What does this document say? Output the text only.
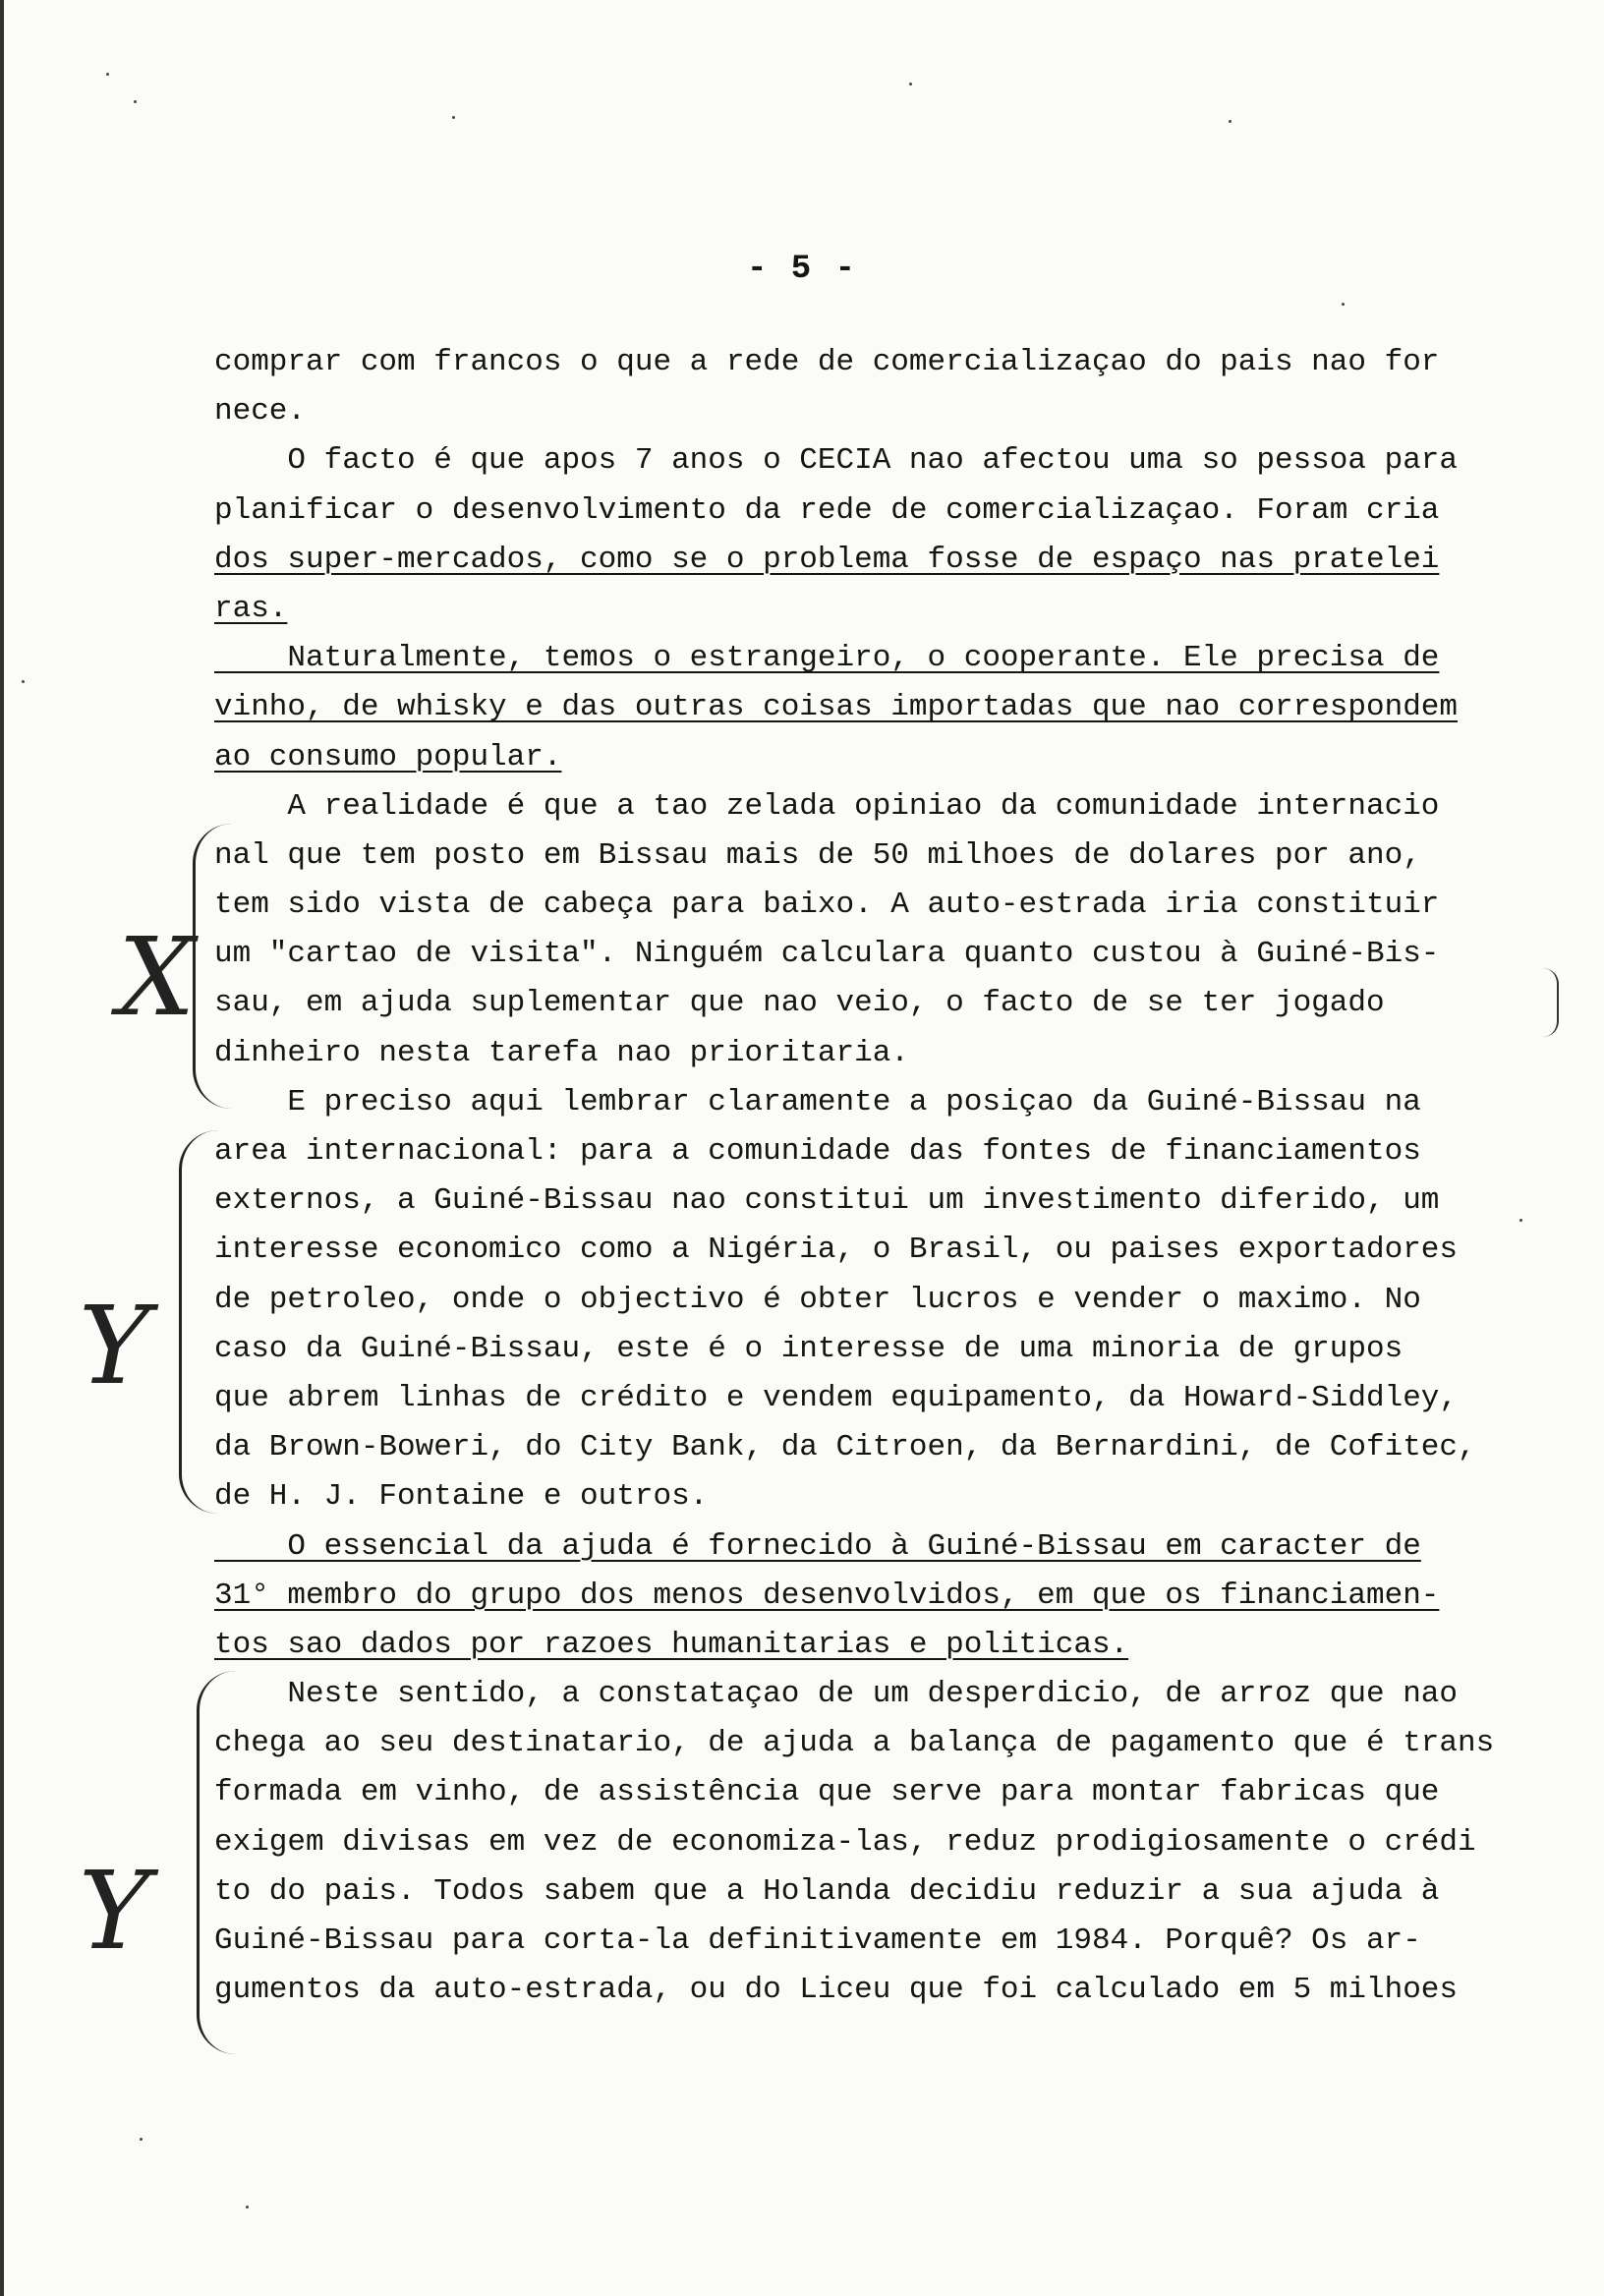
- 5 -
comprar com francos o que a rede de comercializaçao do pais nao for
nece.
O facto é que apos 7 anos o CECIA nao afectou uma so pessoa para
planificar o desenvolvimento da rede de comercializaçao. Foram cria
dos super-mercados, como se o problema fosse de espaço nas pratelei
ras.
Naturalmente, temos o estrangeiro, o cooperante. Ele precisa de
vinho, de whisky e das outras coisas importadas que nao correspondem
ao consumo popular.
A realidade é que a tao zelada opiniao da comunidade internacio
nal que tem posto em Bissau mais de 50 milhoes de dolares por ano,
tem sido vista de cabeça para baixo. A auto-estrada iria constituir
um "cartao de visita". Ninguém calculara quanto custou à Guiné-Bis-
sau, em ajuda suplementar que nao veio, o facto de se ter jogado
dinheiro nesta tarefa nao prioritaria.
E preciso aqui lembrar claramente a posiçao da Guiné-Bissau na
area internacional: para a comunidade das fontes de financiamentos
externos, a Guiné-Bissau nao constitui um investimento diferido, um
interesse economico como a Nigéria, o Brasil, ou paises exportadores
de petroleo, onde o objectivo é obter lucros e vender o maximo. No
caso da Guiné-Bissau, este é o interesse de uma minoria de grupos
que abrem linhas de crédito e vendem equipamento, da Howard-Siddley,
da Brown-Boweri, do City Bank, da Citroen, da Bernardini, de Cofitec,
de H. J. Fontaine e outros.
O essencial da ajuda é fornecido à Guiné-Bissau em caracter de
31° membro do grupo dos menos desenvolvidos, em que os financiamen-
tos sao dados por razoes humanitarias e politicas.
Neste sentido, a constataçao de um desperdicio, de arroz que nao
chega ao seu destinatario, de ajuda a balança de pagamento que é trans
formada em vinho, de assistência que serve para montar fabricas que
exigem divisas em vez de economiza-las, reduz prodigiosamente o crédi
to do pais. Todos sabem que a Holanda decidiu reduzir a sua ajuda à
Guiné-Bissau para corta-la definitivamente em 1984. Porquê? Os ar-
gumentos da auto-estrada, ou do Liceu que foi calculado em 5 milhoes
X
Y
Y
